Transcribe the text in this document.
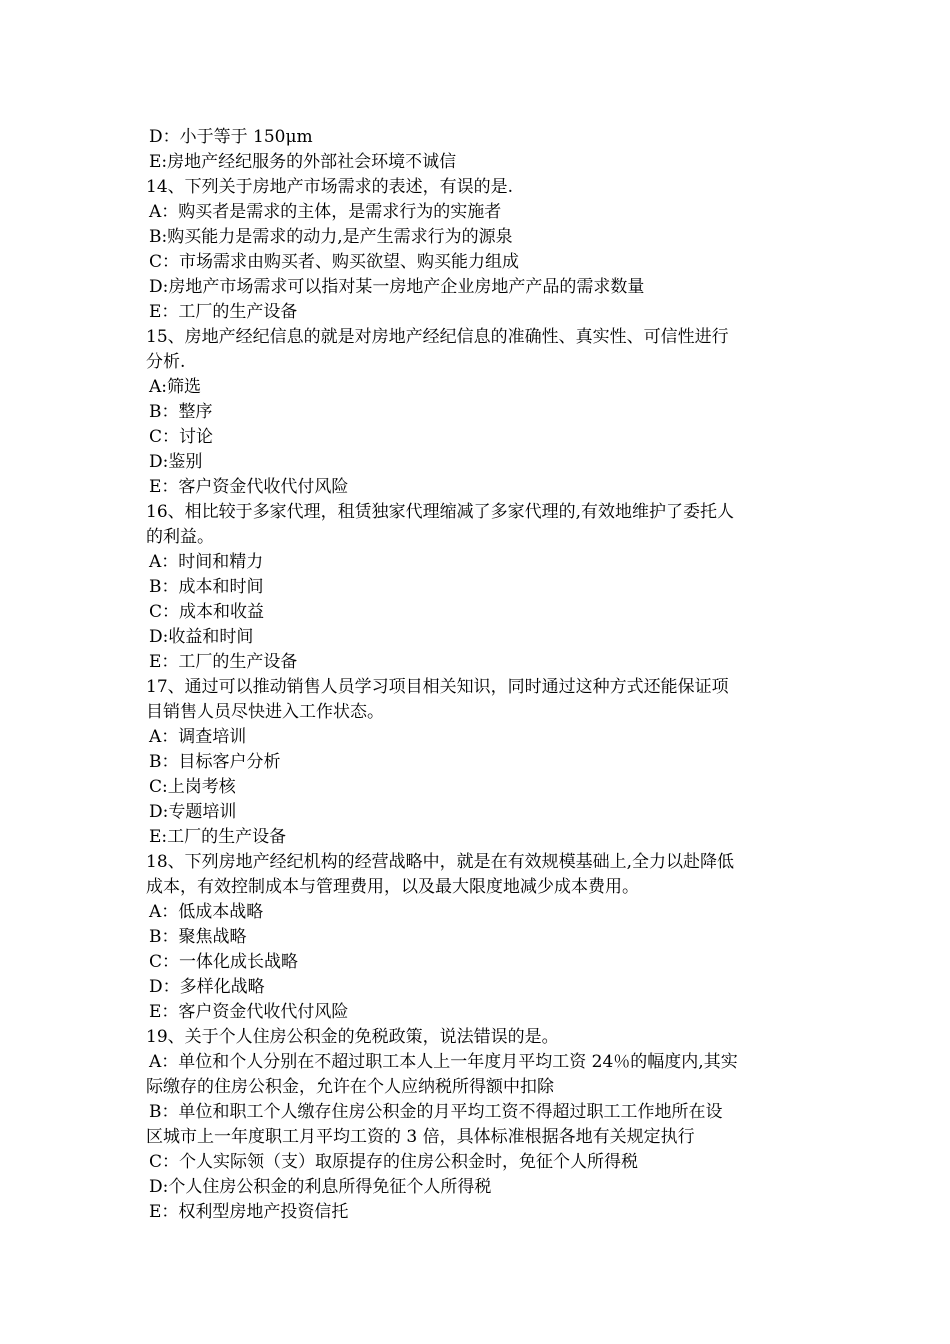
D：小于等于 150μm
E:房地产经纪服务的外部社会环境不诚信
14、下列关于房地产市场需求的表述，有误的是.
A：购买者是需求的主体，是需求行为的实施者
B:购买能力是需求的动力,是产生需求行为的源泉
C：市场需求由购买者、购买欲望、购买能力组成
D:房地产市场需求可以指对某一房地产企业房地产产品的需求数量
E：工厂的生产设备
15、房地产经纪信息的就是对房地产经纪信息的准确性、真实性、可信性进行
分析.
A:筛选
B：整序
C：讨论
D:鉴别
E：客户资金代收代付风险
16、相比较于多家代理，租赁独家代理缩减了多家代理的,有效地维护了委托人
的利益。
A：时间和精力
B：成本和时间
C：成本和收益
D:收益和时间
E：工厂的生产设备
17、通过可以推动销售人员学习项目相关知识，同时通过这种方式还能保证项
目销售人员尽快进入工作状态。
A：调查培训
B：目标客户分析
C:上岗考核
D:专题培训
E:工厂的生产设备
18、下列房地产经纪机构的经营战略中，就是在有效规模基础上,全力以赴降低
成本，有效控制成本与管理费用，以及最大限度地减少成本费用。
A：低成本战略
B：聚焦战略
C：一体化成长战略
D：多样化战略
E：客户资金代收代付风险
19、关于个人住房公积金的免税政策，说法错误的是。
A：单位和个人分别在不超过职工本人上一年度月平均工资 24％的幅度内,其实
际缴存的住房公积金，允许在个人应纳税所得额中扣除
B：单位和职工个人缴存住房公积金的月平均工资不得超过职工工作地所在设
区城市上一年度职工月平均工资的 3 倍，具体标准根据各地有关规定执行
C：个人实际领（支）取原提存的住房公积金时，免征个人所得税
D:个人住房公积金的利息所得免征个人所得税
E：权利型房地产投资信托
